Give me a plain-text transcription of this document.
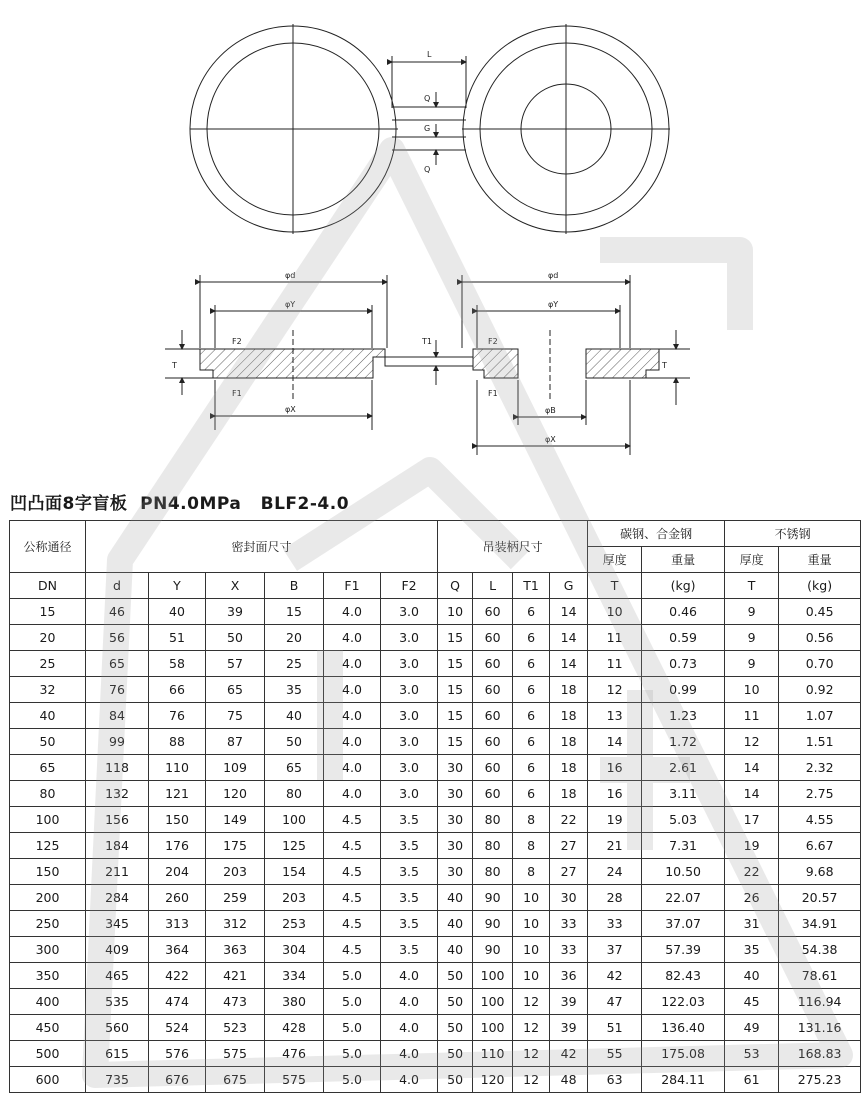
L
Q
G
Q
φd
φY
φX
F2
F1
T
T1
φd
φY
φB
φX
F2
F1
T
凹凸面8字盲板  PN4.0MPa   BLF2-4.0
公称通径	密封面尺寸						吊装柄尺寸				碳钢、合金钢		不锈钢	
											厚度	重量	厚度	重量
DN	d	Y	X	B	F1	F2	Q	L	T1	G	T	(kg)	T	(kg)
15	46	40	39	15	4.0	3.0	10	60	6	14	10	0.46	9	0.45
20	56	51	50	20	4.0	3.0	15	60	6	14	11	0.59	9	0.56
25	65	58	57	25	4.0	3.0	15	60	6	14	11	0.73	9	0.70
32	76	66	65	35	4.0	3.0	15	60	6	18	12	0.99	10	0.92
40	84	76	75	40	4.0	3.0	15	60	6	18	13	1.23	11	1.07
50	99	88	87	50	4.0	3.0	15	60	6	18	14	1.72	12	1.51
65	118	110	109	65	4.0	3.0	30	60	6	18	16	2.61	14	2.32
80	132	121	120	80	4.0	3.0	30	60	6	18	16	3.11	14	2.75
100	156	150	149	100	4.5	3.5	30	80	8	22	19	5.03	17	4.55
125	184	176	175	125	4.5	3.5	30	80	8	27	21	7.31	19	6.67
150	211	204	203	154	4.5	3.5	30	80	8	27	24	10.50	22	9.68
200	284	260	259	203	4.5	3.5	40	90	10	30	28	22.07	26	20.57
250	345	313	312	253	4.5	3.5	40	90	10	33	33	37.07	31	34.91
300	409	364	363	304	4.5	3.5	40	90	10	33	37	57.39	35	54.38
350	465	422	421	334	5.0	4.0	50	100	10	36	42	82.43	40	78.61
400	535	474	473	380	5.0	4.0	50	100	12	39	47	122.03	45	116.94
450	560	524	523	428	5.0	4.0	50	100	12	39	51	136.40	49	131.16
500	615	576	575	476	5.0	4.0	50	110	12	42	55	175.08	53	168.83
600	735	676	675	575	5.0	4.0	50	120	12	48	63	284.11	61	275.23
